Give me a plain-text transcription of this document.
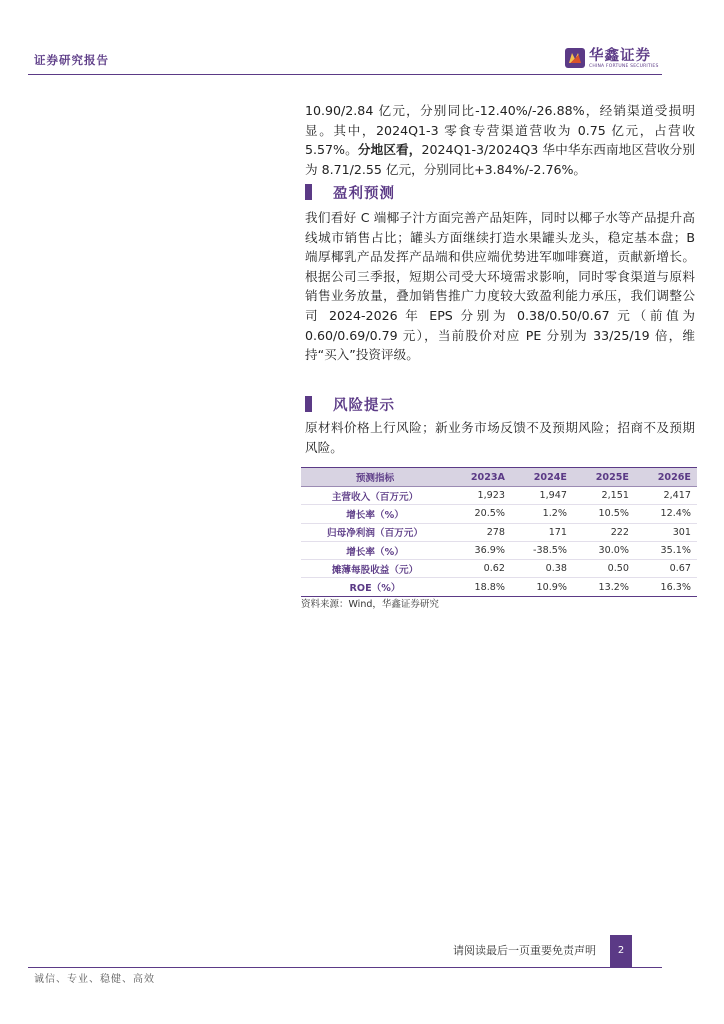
证券研究报告	华鑫证券
CHINA FORTUNE SECURITIES
10.90/2.84 亿元，分别同比-12.40%/-26.88%，经销渠道受损明显。其中，2024Q1-3 零食专营渠道营收为 0.75 亿元，占营收 5.57%。分地区看，2024Q1-3/2024Q3 华中华东西南地区营收分别为 8.71/2.55 亿元，分别同比+3.84%/-2.76%。
盈利预测
我们看好 C 端椰子汁方面完善产品矩阵，同时以椰子水等产品提升高线城市销售占比；罐头方面继续打造水果罐头龙头，稳定基本盘；B 端厚椰乳产品发挥产品端和供应端优势进军咖啡赛道，贡献新增长。根据公司三季报，短期公司受大环境需求影响，同时零食渠道与原料销售业务放量，叠加销售推广力度较大致盈利能力承压，我们调整公司 2024-2026 年 EPS 分别为 0.38/0.50/0.67 元（前值为 0.60/0.69/0.79 元），当前股价对应 PE 分别为 33/25/19 倍，维持“买入”投资评级。
风险提示
原材料价格上行风险；新业务市场反馈不及预期风险；招商不及预期风险。
预测指标	2023A	2024E	2025E	2026E
主营收入（百万元）	1,923	1,947	2,151	2,417
增长率（%）	20.5%	1.2%	10.5%	12.4%
归母净利润（百万元）	278	171	222	301
增长率（%）	36.9%	-38.5%	30.0%	35.1%
摊薄每股收益（元）	0.62	0.38	0.50	0.67
ROE（%）	18.8%	10.9%	13.2%	16.3%
资料来源：Wind，华鑫证券研究
请阅读最后一页重要免责声明	2
诚信、专业、稳健、高效
